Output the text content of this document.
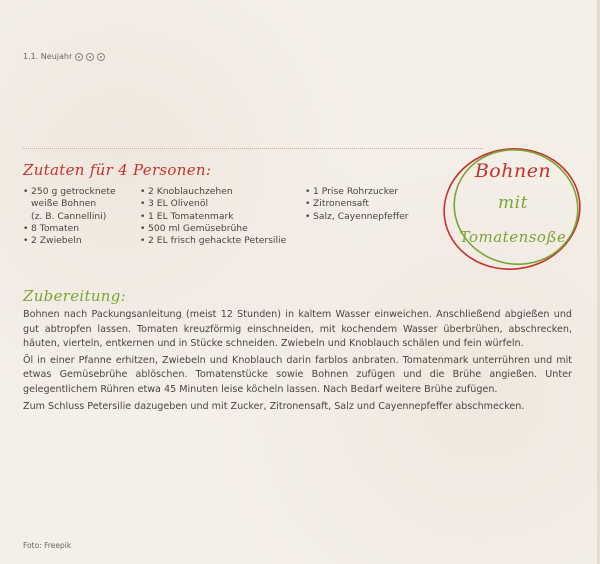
1.1. Neujahr
Zutaten für 4 Personen:
• 250 g getrocknete
weiße Bohnen
(z. B. Cannellini)
• 8 Tomaten
• 2 Zwiebeln
• 2 Knoblauchzehen
• 3 EL Olivenöl
• 1 EL Tomatenmark
• 500 ml Gemüsebrühe
• 2 EL frisch gehackte Petersilie
• 1 Prise Rohrzucker
• Zitronensaft
• Salz, Cayennepfeffer
Bohnen
mit
Tomatensoße
Zubereitung:

Bohnen nach Packungsanleitung (meist 12 Stunden) in kaltem Wasser einweichen. Anschließend abgießen und gut abtropfen lassen. Tomaten kreuzförmig einschneiden, mit kochendem Wasser überbrühen, abschrecken, häuten, vierteln, entkernen und in Stücke schneiden. Zwiebeln und Knoblauch schälen und fein würfeln.

Öl in einer Pfanne erhitzen, Zwiebeln und Knoblauch darin farblos anbraten. Tomatenmark unterrühren und mit etwas Gemüsebrühe ablöschen. Tomatenstücke sowie Bohnen zufügen und die Brühe angießen. Unter gelegentlichem Rühren etwa 45 Minuten leise köcheln lassen. Nach Bedarf weitere Brühe zufügen.

Zum Schluss Petersilie dazugeben und mit Zucker, Zitronensaft, Salz und Cayennepfeffer abschmecken.

Foto: Freepik
